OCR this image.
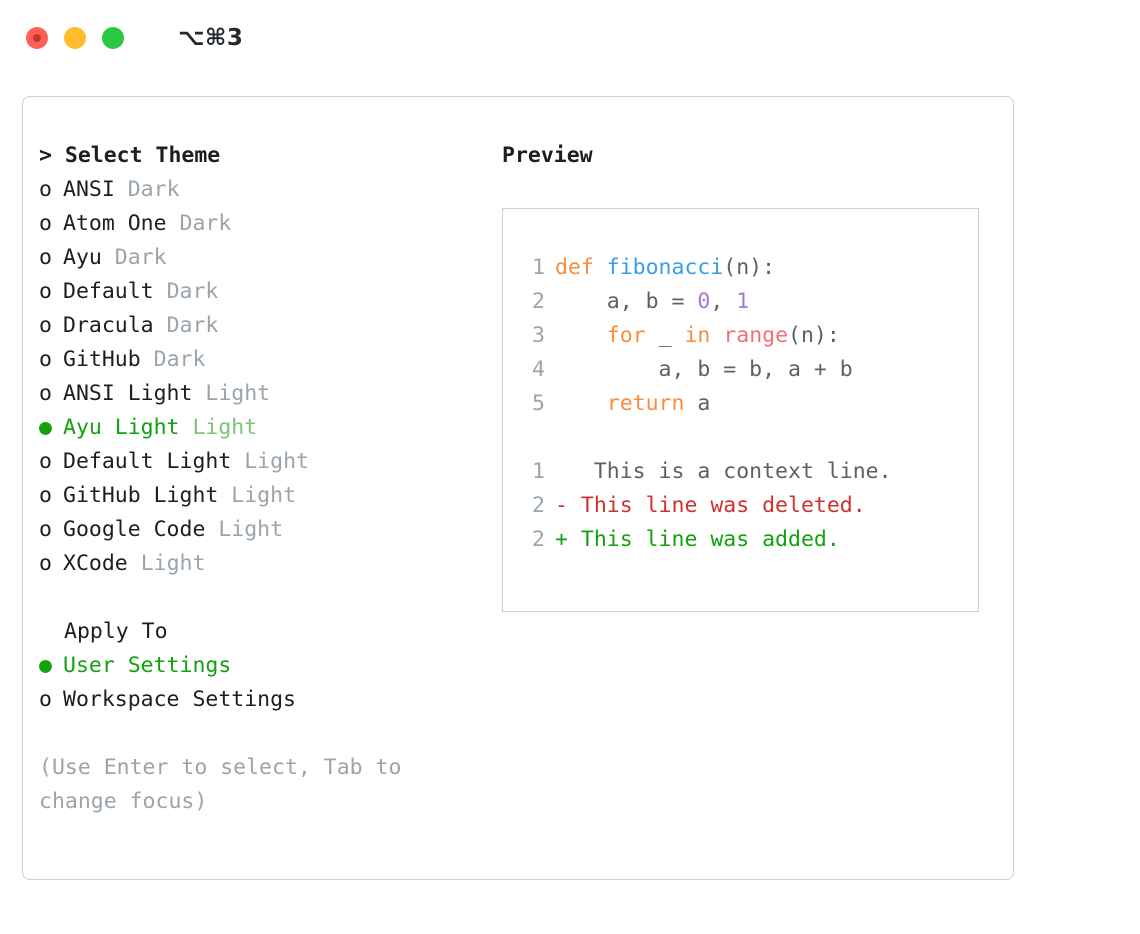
⌥⌘3
> Select Theme
o ANSI Dark
o Atom One Dark
o Ayu Dark
o Default Dark
o Dracula Dark
o GitHub Dark
o ANSI Light Light
● Ayu Light Light
o Default Light Light
o GitHub Light Light
o Google Code Light
o XCode Light
Apply To
● User Settings
o Workspace Settings
(Use Enter to select, Tab to change focus)
Preview
1 def fibonacci(n):
2    a, b = 0, 1
3	for _ in range(n):
4        a, b = b, a + b
5	return a
1   This is a context line.
2 - This line was deleted.
2 + This line was added.
